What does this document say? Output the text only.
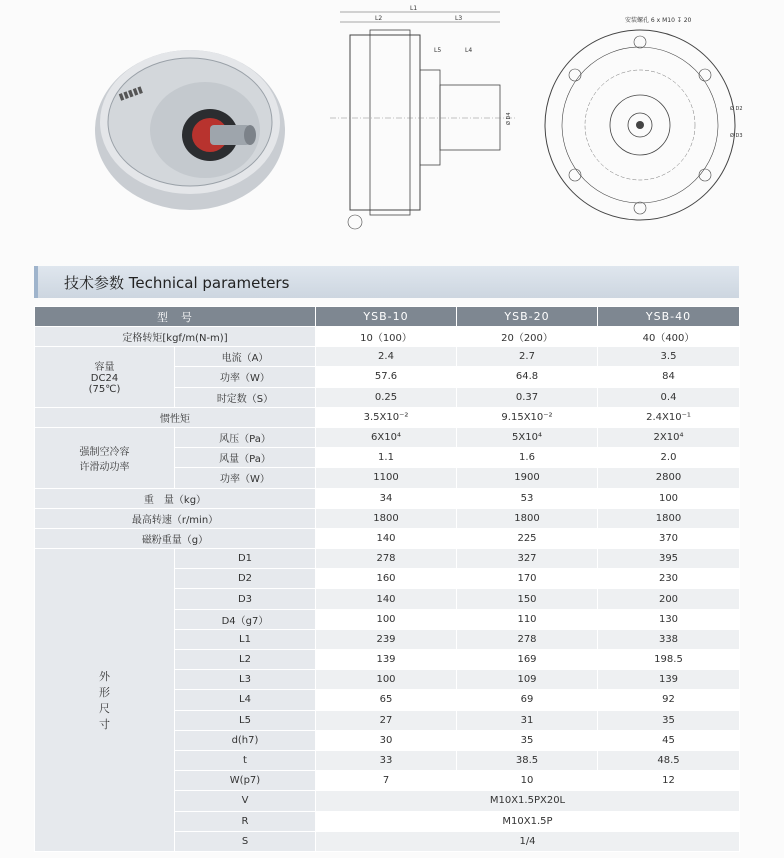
▮▮▮▮▮
L1
L2	L3
L5	L4
Ø D4
安装螺孔 6 x M10 ↧ 20
Ø D2
Ø D3
技术参数 Technical parameters
型　号		YSB-10	YSB-20	YSB-40
定格转矩[kgf/m(N-m)]		10（100）	20（200）	40（400）
容量
DC24
(75℃)	电流（A）	2.4	2.7	3.5
	功率（W）	57.6	64.8	84
	时定数（S）	0.25	0.37	0.4
惯性矩		3.5X10⁻²	9.15X10⁻²	2.4X10⁻¹
强制空冷容
许滑动功率	风压（Pa）	6X10⁴	5X10⁴	2X10⁴
	风量（Pa）	1.1	1.6	2.0
	功率（W）	1100	1900	2800
重　量（kg）		34	53	100
最高转速（r/min）		1800	1800	1800
磁粉重量（g）		140	225	370
外
形
尺
寸	D1	278	327	395
	D2	160	170	230
	D3	140	150	200
	D4（g7）	100	110	130
	L1	239	278	338
	L2	139	169	198.5
	L3	100	109	139
	L4	65	69	92
	L5	27	31	35
	d(h7)	30	35	45
	t	33	38.5	48.5
	W(p7)	7	10	12
	V	M10X1.5PX20L		
	R	M10X1.5P		
	S	1/4		
